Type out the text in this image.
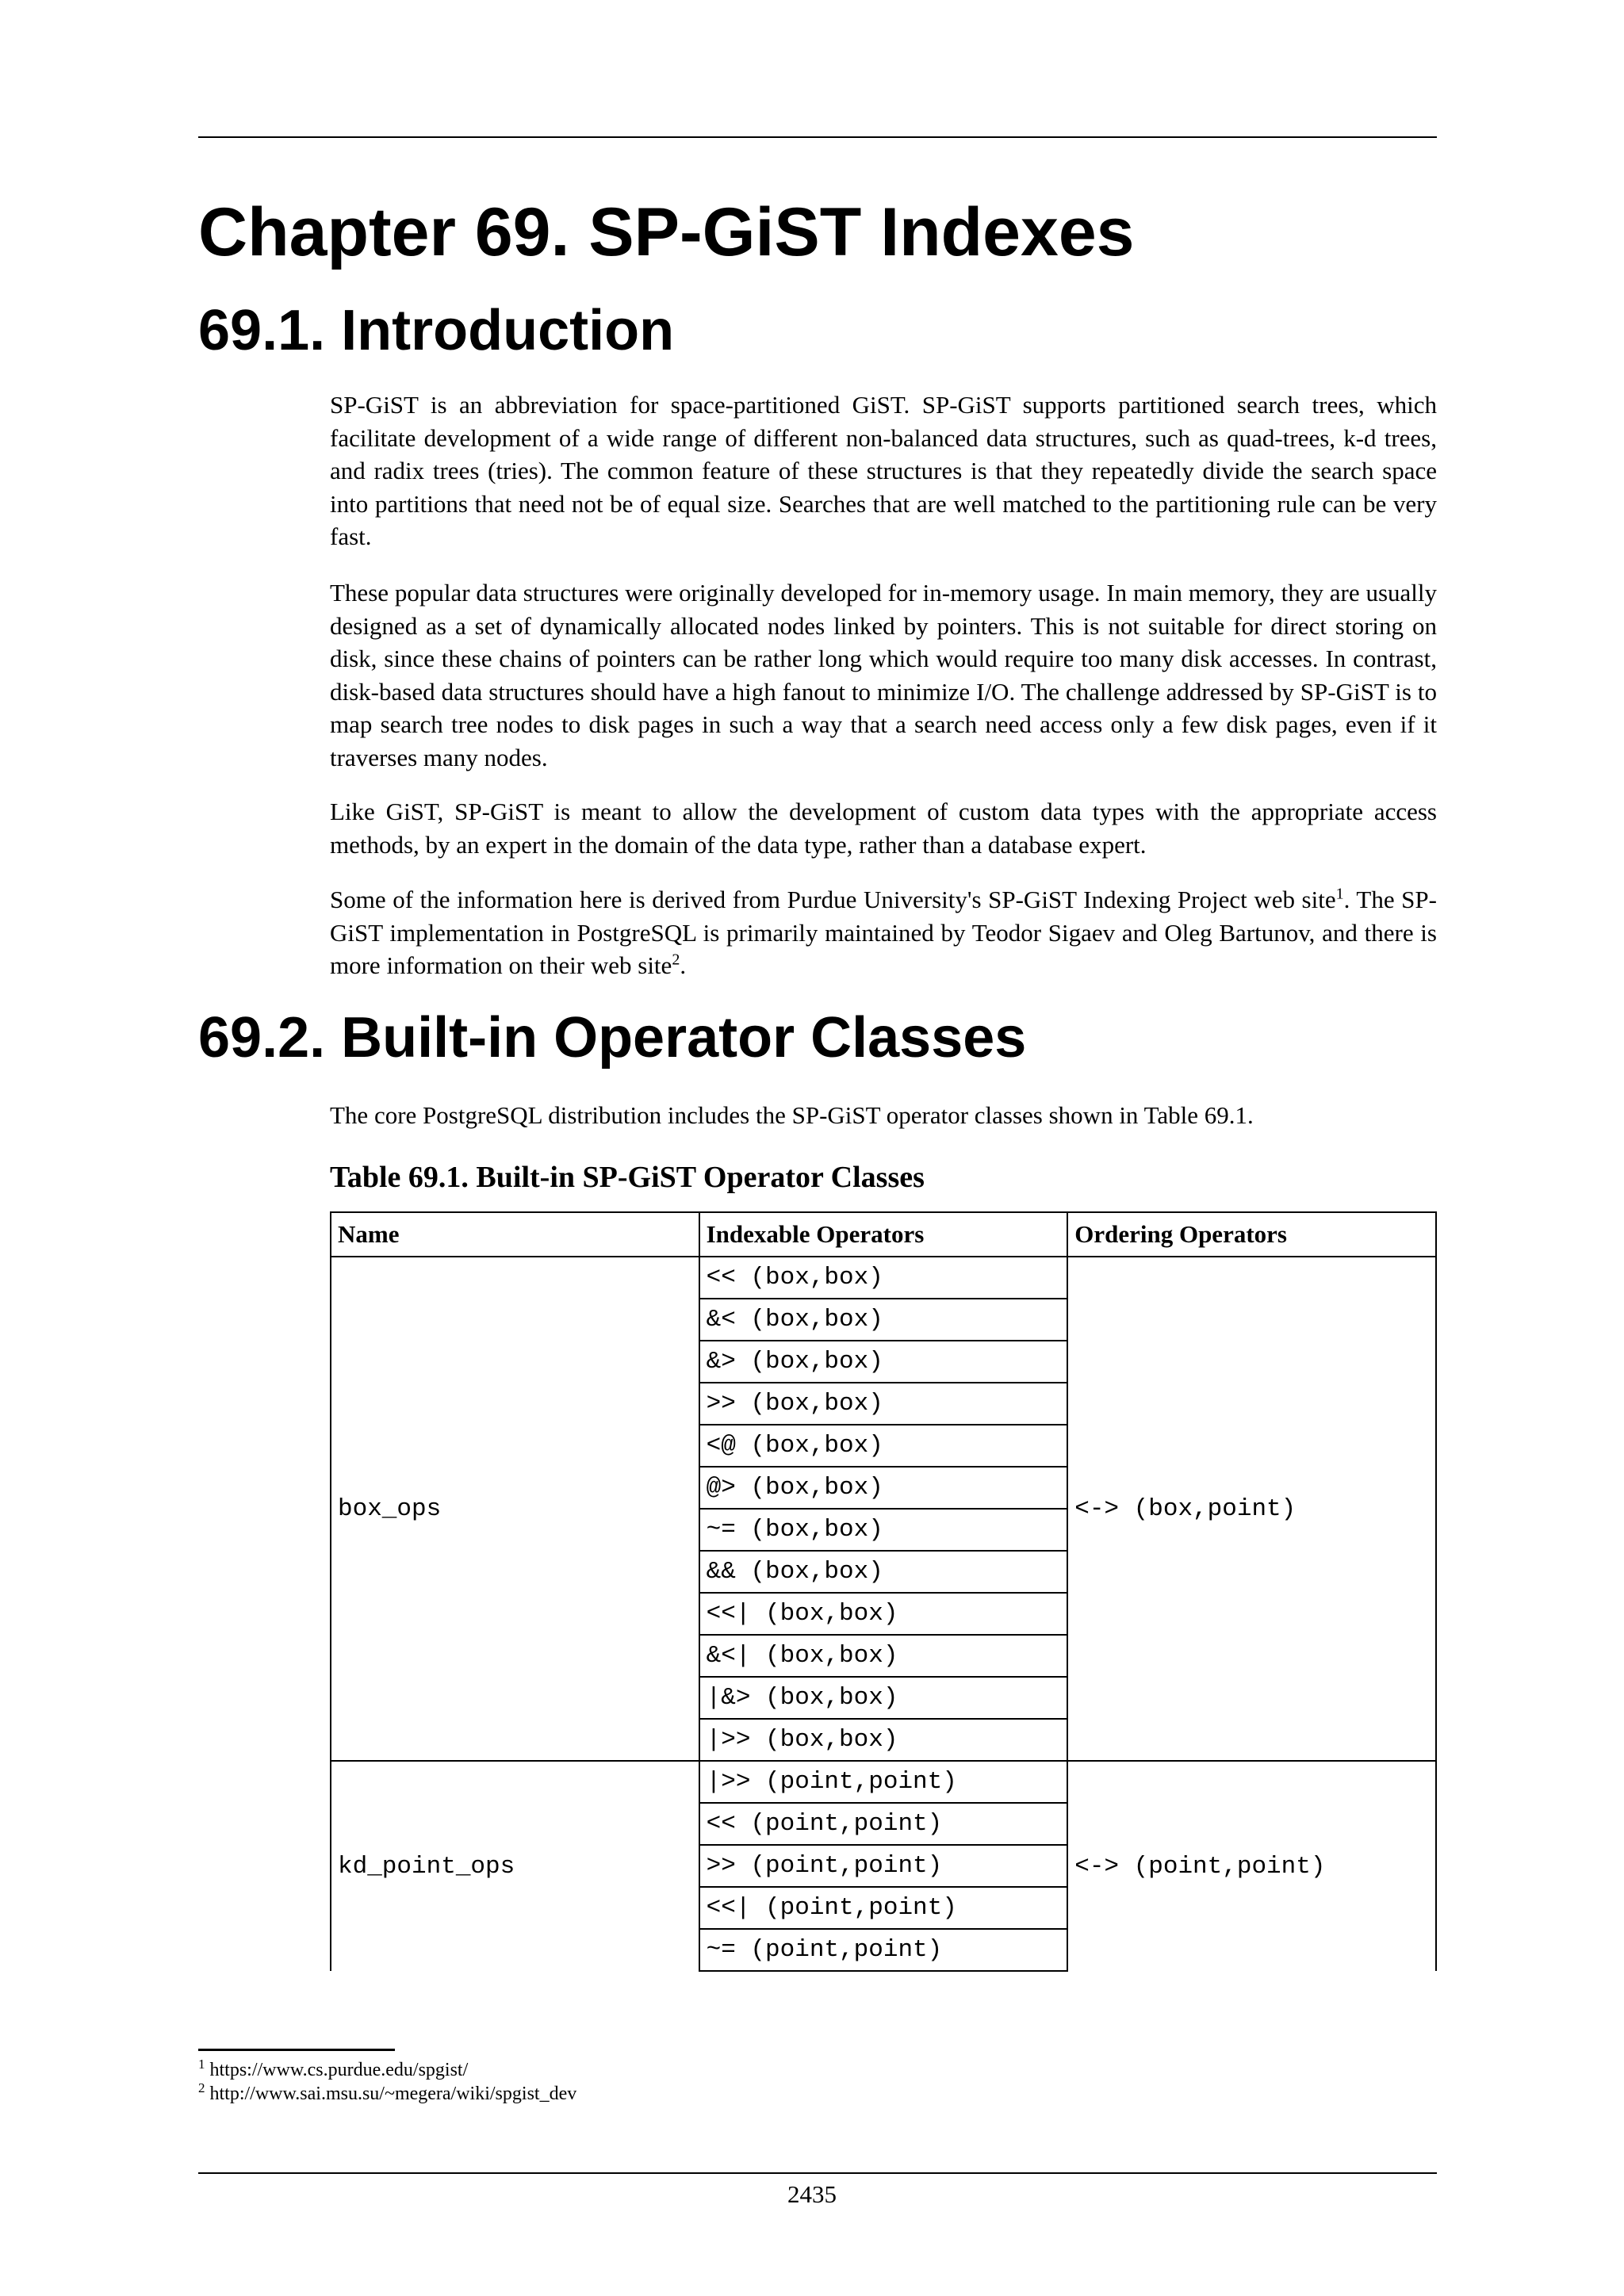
Chapter 69. SP-GiST Indexes
69.1. Introduction

SP-GiST is an abbreviation for space-partitioned GiST. SP-GiST supports partitioned search trees, which facilitate development of a wide range of different non-balanced data structures, such as quad-trees, k-d trees, and radix trees (tries). The common feature of these structures is that they repeatedly divide the search space into partitions that need not be of equal size. Searches that are well matched to the partitioning rule can be very fast.

These popular data structures were originally developed for in-memory usage. In main memory, they are usually designed as a set of dynamically allocated nodes linked by pointers. This is not suitable for direct storing on disk, since these chains of pointers can be rather long which would require too many disk accesses. In contrast, disk-based data structures should have a high fanout to minimize I/O. The challenge addressed by SP-GiST is to map search tree nodes to disk pages in such a way that a search need access only a few disk pages, even if it traverses many nodes.

Like GiST, SP-GiST is meant to allow the development of custom data types with the appropriate access methods, by an expert in the domain of the data type, rather than a database expert.

Some of the information here is derived from Purdue University's SP-GiST Indexing Project web site$^1$. The SP-GiST implementation in PostgreSQL is primarily maintained by Teodor Sigaev and Oleg Bartunov, and there is more information on their web site$^2$.

69.2. Built-in Operator Classes

The core PostgreSQL distribution includes the SP-GiST operator classes shown in Table 69.1.

Table 69.1. Built-in SP-GiST Operator Classes

Name	Indexable Operators	Ordering Operators
box_ops	<< (box,box)	<-> (box,point)
	&< (box,box)	
	&> (box,box)	
	>> (box,box)	
	<@ (box,box)	
	@> (box,box)	
	~= (box,box)	
	&& (box,box)	
	<<| (box,box)	
	&<| (box,box)	
	|&> (box,box)	
	|>> (box,box)	
kd_point_ops	|>> (point,point)	<-> (point,point)
	<< (point,point)	
	>> (point,point)	
	<<| (point,point)	
	~= (point,point)	

$^1$ https://www.cs.purdue.edu/spgist/

$^2$ http://www.sai.msu.su/~megera/wiki/spgist_dev

2435
